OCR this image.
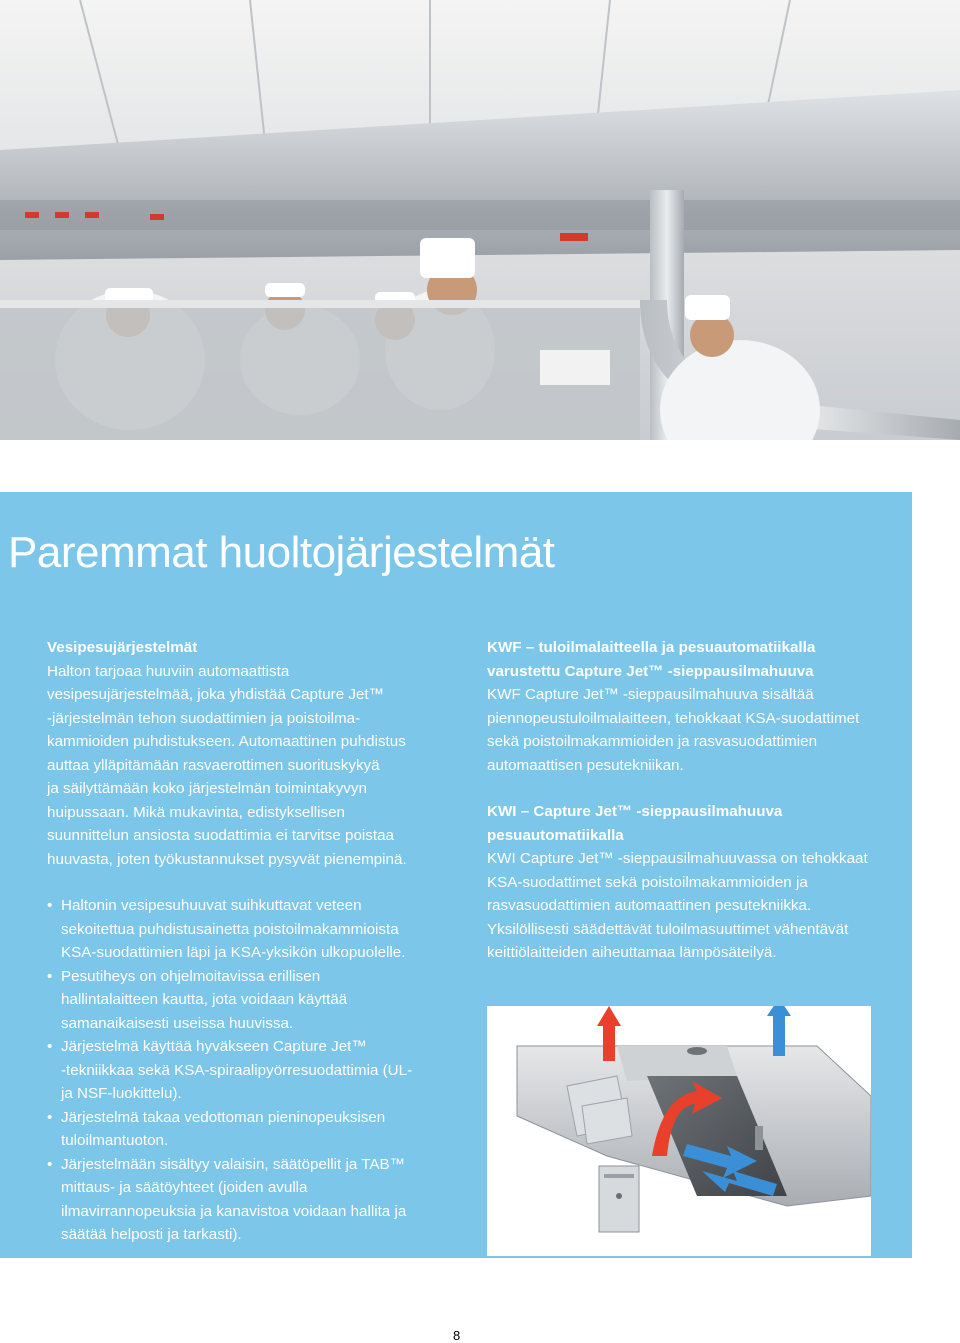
Paremmat huoltojärjestelmät

Vesipesujärjestelmät

Halton tarjoaa huuviin automaattista

vesipesujärjestelmää, joka yhdistää Capture Jet™

-järjestelmän tehon suodattimien ja poistoilma-

kammioiden puhdistukseen. Automaattinen puhdistus

auttaa ylläpitämään rasvaerottimen suorituskykyä

ja säilyttämään koko järjestelmän toimintakyvyn

huipussaan. Mikä mukavinta, edistyksellisen

suunnittelun ansiosta suodattimia ei tarvitse poistaa

huuvasta, joten työkustannukset pysyvät pienempinä.

• Haltonin vesipesuhuuvat suihkuttavat veteen

sekoitettua puhdistusainetta poistoilmakammioista

KSA-suodattimien läpi ja KSA-yksikön ulkopuolelle.

• Pesutiheys on ohjelmoitavissa erillisen

hallintalaitteen kautta, jota voidaan käyttää

samanaikaisesti useissa huuvissa.

• Järjestelmä käyttää hyväkseen Capture Jet™

-tekniikkaa sekä KSA-spiraalipyörresuodattimia (UL-

ja NSF-luokittelu).

• Järjestelmä takaa vedottoman pieninopeuksisen

tuloilmantuoton.

• Järjestelmään sisältyy valaisin, säätöpellit ja TAB™

mittaus- ja säätöyhteet (joiden avulla

ilmavirrannopeuksia ja kanavistoa voidaan hallita ja

säätää helposti ja tarkasti).

KWF – tuloilmalaitteella ja pesuautomatiikalla

varustettu Capture Jet™ -sieppausilmahuuva

KWF Capture Jet™ -sieppausilmahuuva sisältää

piennopeustuloilmalaitteen, tehokkaat KSA-suodattimet

sekä poistoilmakammioiden ja rasvasuodattimien

automaattisen pesutekniikan.

KWI – Capture Jet™ -sieppausilmahuuva

pesuautomatiikalla

KWI Capture Jet™ -sieppausilmahuuvassa on tehokkaat

KSA-suodattimet sekä poistoilmakammioiden ja

rasvasuodattimien automaattinen pesutekniikka.

Yksilöllisesti säädettävät tuloilmasuuttimet vähentävät

keittiölaitteiden aiheuttamaa lämpösäteilyä.

8
